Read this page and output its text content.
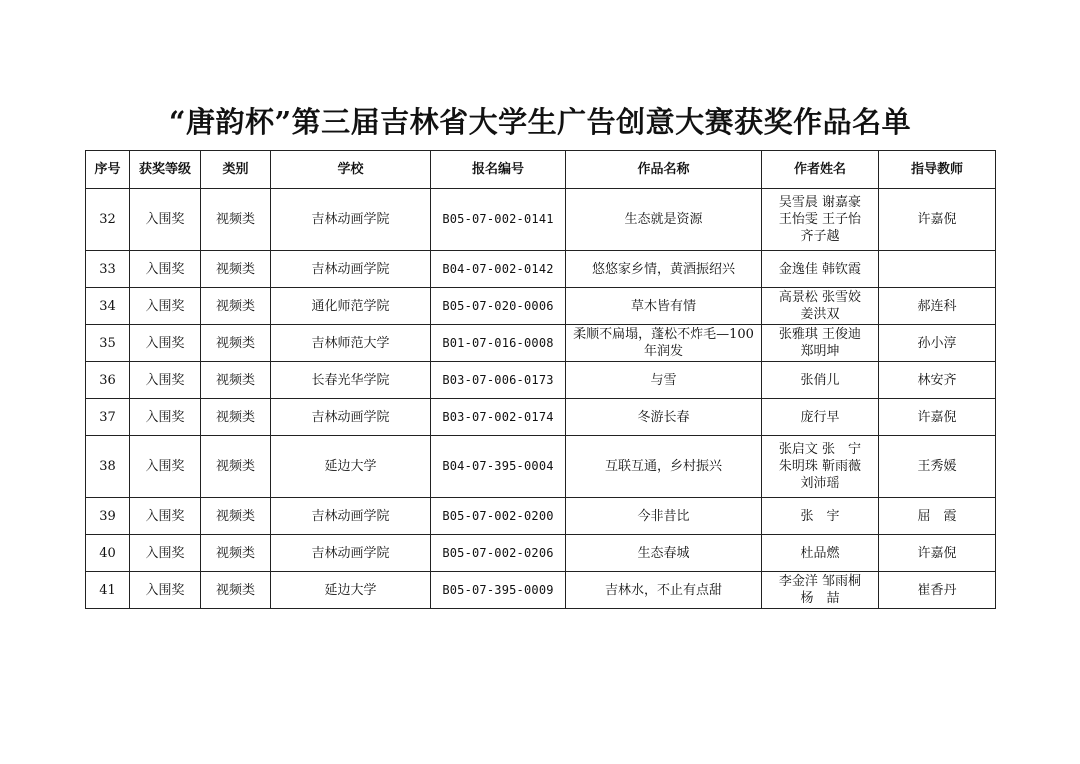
“唐韵杯”第三届吉林省大学生广告创意大赛获奖作品名单
序号	获奖等级	类别	学校	报名编号	作品名称	作者姓名	指导教师
32	入围奖	视频类	吉林动画学院	B05-07-002-0141	生态就是资源	吴雪晨 谢嘉豪
王怡雯 王子怡
齐子越	许嘉倪
33	入围奖	视频类	吉林动画学院	B04-07-002-0142	悠悠家乡情，黄酒振绍兴	金逸佳 韩钦霞	

34	入围奖	视频类	通化师范学院	B05-07-020-0006	草木皆有情	高景松 张雪姣
姜洪双	郝连科
35	入围奖	视频类	吉林师范大学	B01-07-016-0008	柔顺不扁塌，蓬松不炸毛—100年润发	张雅琪 王俊迪
郑明坤	孙小淳
36	入围奖	视频类	长春光华学院	B03-07-006-0173	与雪	张俏儿	林安齐
37	入围奖	视频类	吉林动画学院	B03-07-002-0174	冬游长春	庞行早	许嘉倪
38	入围奖	视频类	延边大学	B04-07-395-0004	互联互通，乡村振兴	张启文 张　宁
朱明珠 靳雨薇
刘沛瑶	王秀媛
39	入围奖	视频类	吉林动画学院	B05-07-002-0200	今非昔比	张　宇	屈　霞
40	入围奖	视频类	吉林动画学院	B05-07-002-0206	生态春城	杜品燃	许嘉倪
41	入围奖	视频类	延边大学	B05-07-395-0009	吉林水，不止有点甜	李金洋 邹雨桐
杨　喆	崔香丹
